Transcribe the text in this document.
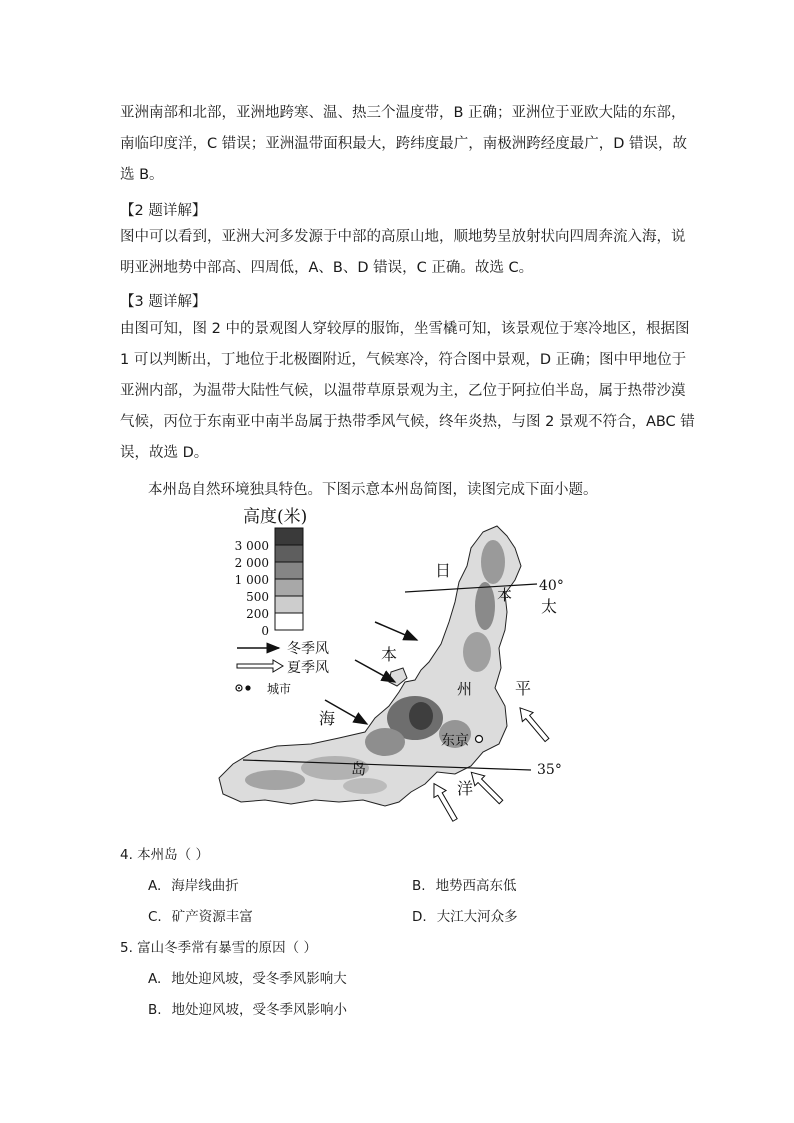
亚洲南部和北部，亚洲地跨寒、温、热三个温度带，B 正确；亚洲位于亚欧大陆的东部，
南临印度洋，C 错误；亚洲温带面积最大，跨纬度最广，南极洲跨经度最广，D 错误，故
选 B。
【2 题详解】
图中可以看到，亚洲大河多发源于中部的高原山地，顺地势呈放射状向四周奔流入海，说
明亚洲地势中部高、四周低，A、B、D 错误，C 正确。故选 C。
【3 题详解】
由图可知，图 2 中的景观图人穿较厚的服饰，坐雪橇可知，该景观位于寒冷地区，根据图
1 可以判断出，丁地位于北极圈附近，气候寒冷，符合图中景观，D 正确；图中甲地位于
亚洲内部，为温带大陆性气候，以温带草原景观为主，乙位于阿拉伯半岛，属于热带沙漠
气候，丙位于东南亚中南半岛属于热带季风气候，终年炎热，与图 2 景观不符合，ABC 错
误，故选 D。
本州岛自然环境独具特色。下图示意本州岛简图，读图完成下面小题。
高度(米)
3 000
2 000
1 000
500
200
0
冬季风
夏季风
城市
40°
35°
东京
日
本
海
本
州
岛
太
平
洋
4. 本州岛（ ）
A. 海岸线曲折	B. 地势西高东低
C. 矿产资源丰富	D. 大江大河众多
5. 富山冬季常有暴雪的原因（ ）
A. 地处迎风坡，受冬季风影响大
B. 地处迎风坡，受冬季风影响小
